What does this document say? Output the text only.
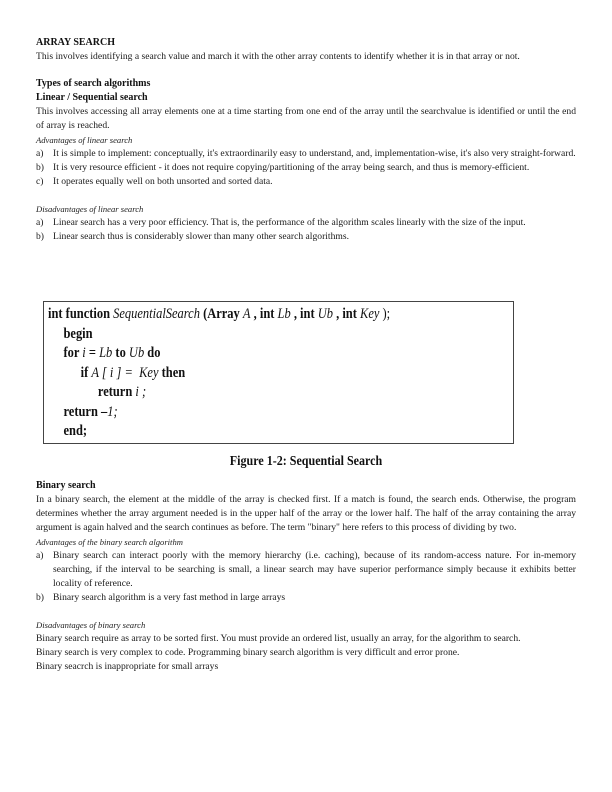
ARRAY SEARCH

This involves identifying a search value and march it with the other array contents to identify whether it is in that array or not.

Types of search algorithms
Linear / Sequential search

This involves accessing all array elements one at a time starting from one end of the array until the searchvalue is identified or until the end of array is reached.

Advantages of linear search
a) It is simple to implement: conceptually, it's extraordinarily easy to understand, and, implementation-wise, it's also very straight-forward.
b) It is very resource efficient - it does not require copying/partitioning of the array being search, and thus is memory-efficient.
c) It operates equally well on both unsorted and sorted data.
Disadvantages of linear search
a) Linear search has a very poor efficiency. That is, the performance of the algorithm scales linearly with the size of the input.
b) Linear search thus is considerably slower than many other search algorithms.
int function SequentialSearch (Array A , int Lb , int Ub , int Key );
begin
for i = Lb to Ub do
if A [ i ] =  Key then
return i ;
return –1;
end;
Figure 1-2: Sequential Search
Binary search

In a binary search, the element at the middle of the array is checked first. If a match is found, the search ends. Otherwise, the program determines whether the array argument needed is in the upper half of the array or the lower half. The half of the array containing the array argument is again halved and the search continues as before. The term "binary" here refers to this process of dividing by two.

Advantages of the binary search algorithm
a) Binary search can interact poorly with the memory hierarchy (i.e. caching), because of its random-access nature. For in-memory searching, if the interval to be searching is small, a linear search may have superior performance simply because it exhibits better locality of reference.
b) Binary search algorithm is a very fast method in large arrays
Disadvantages of binary search

Binary search require as array to be sorted first. You must provide an ordered list, usually an array, for the algorithm to search.

Binary search is very complex to code. Programming binary search algorithm is very difficult and error prone.

Binary seacrch is inappropriate for small arrays
